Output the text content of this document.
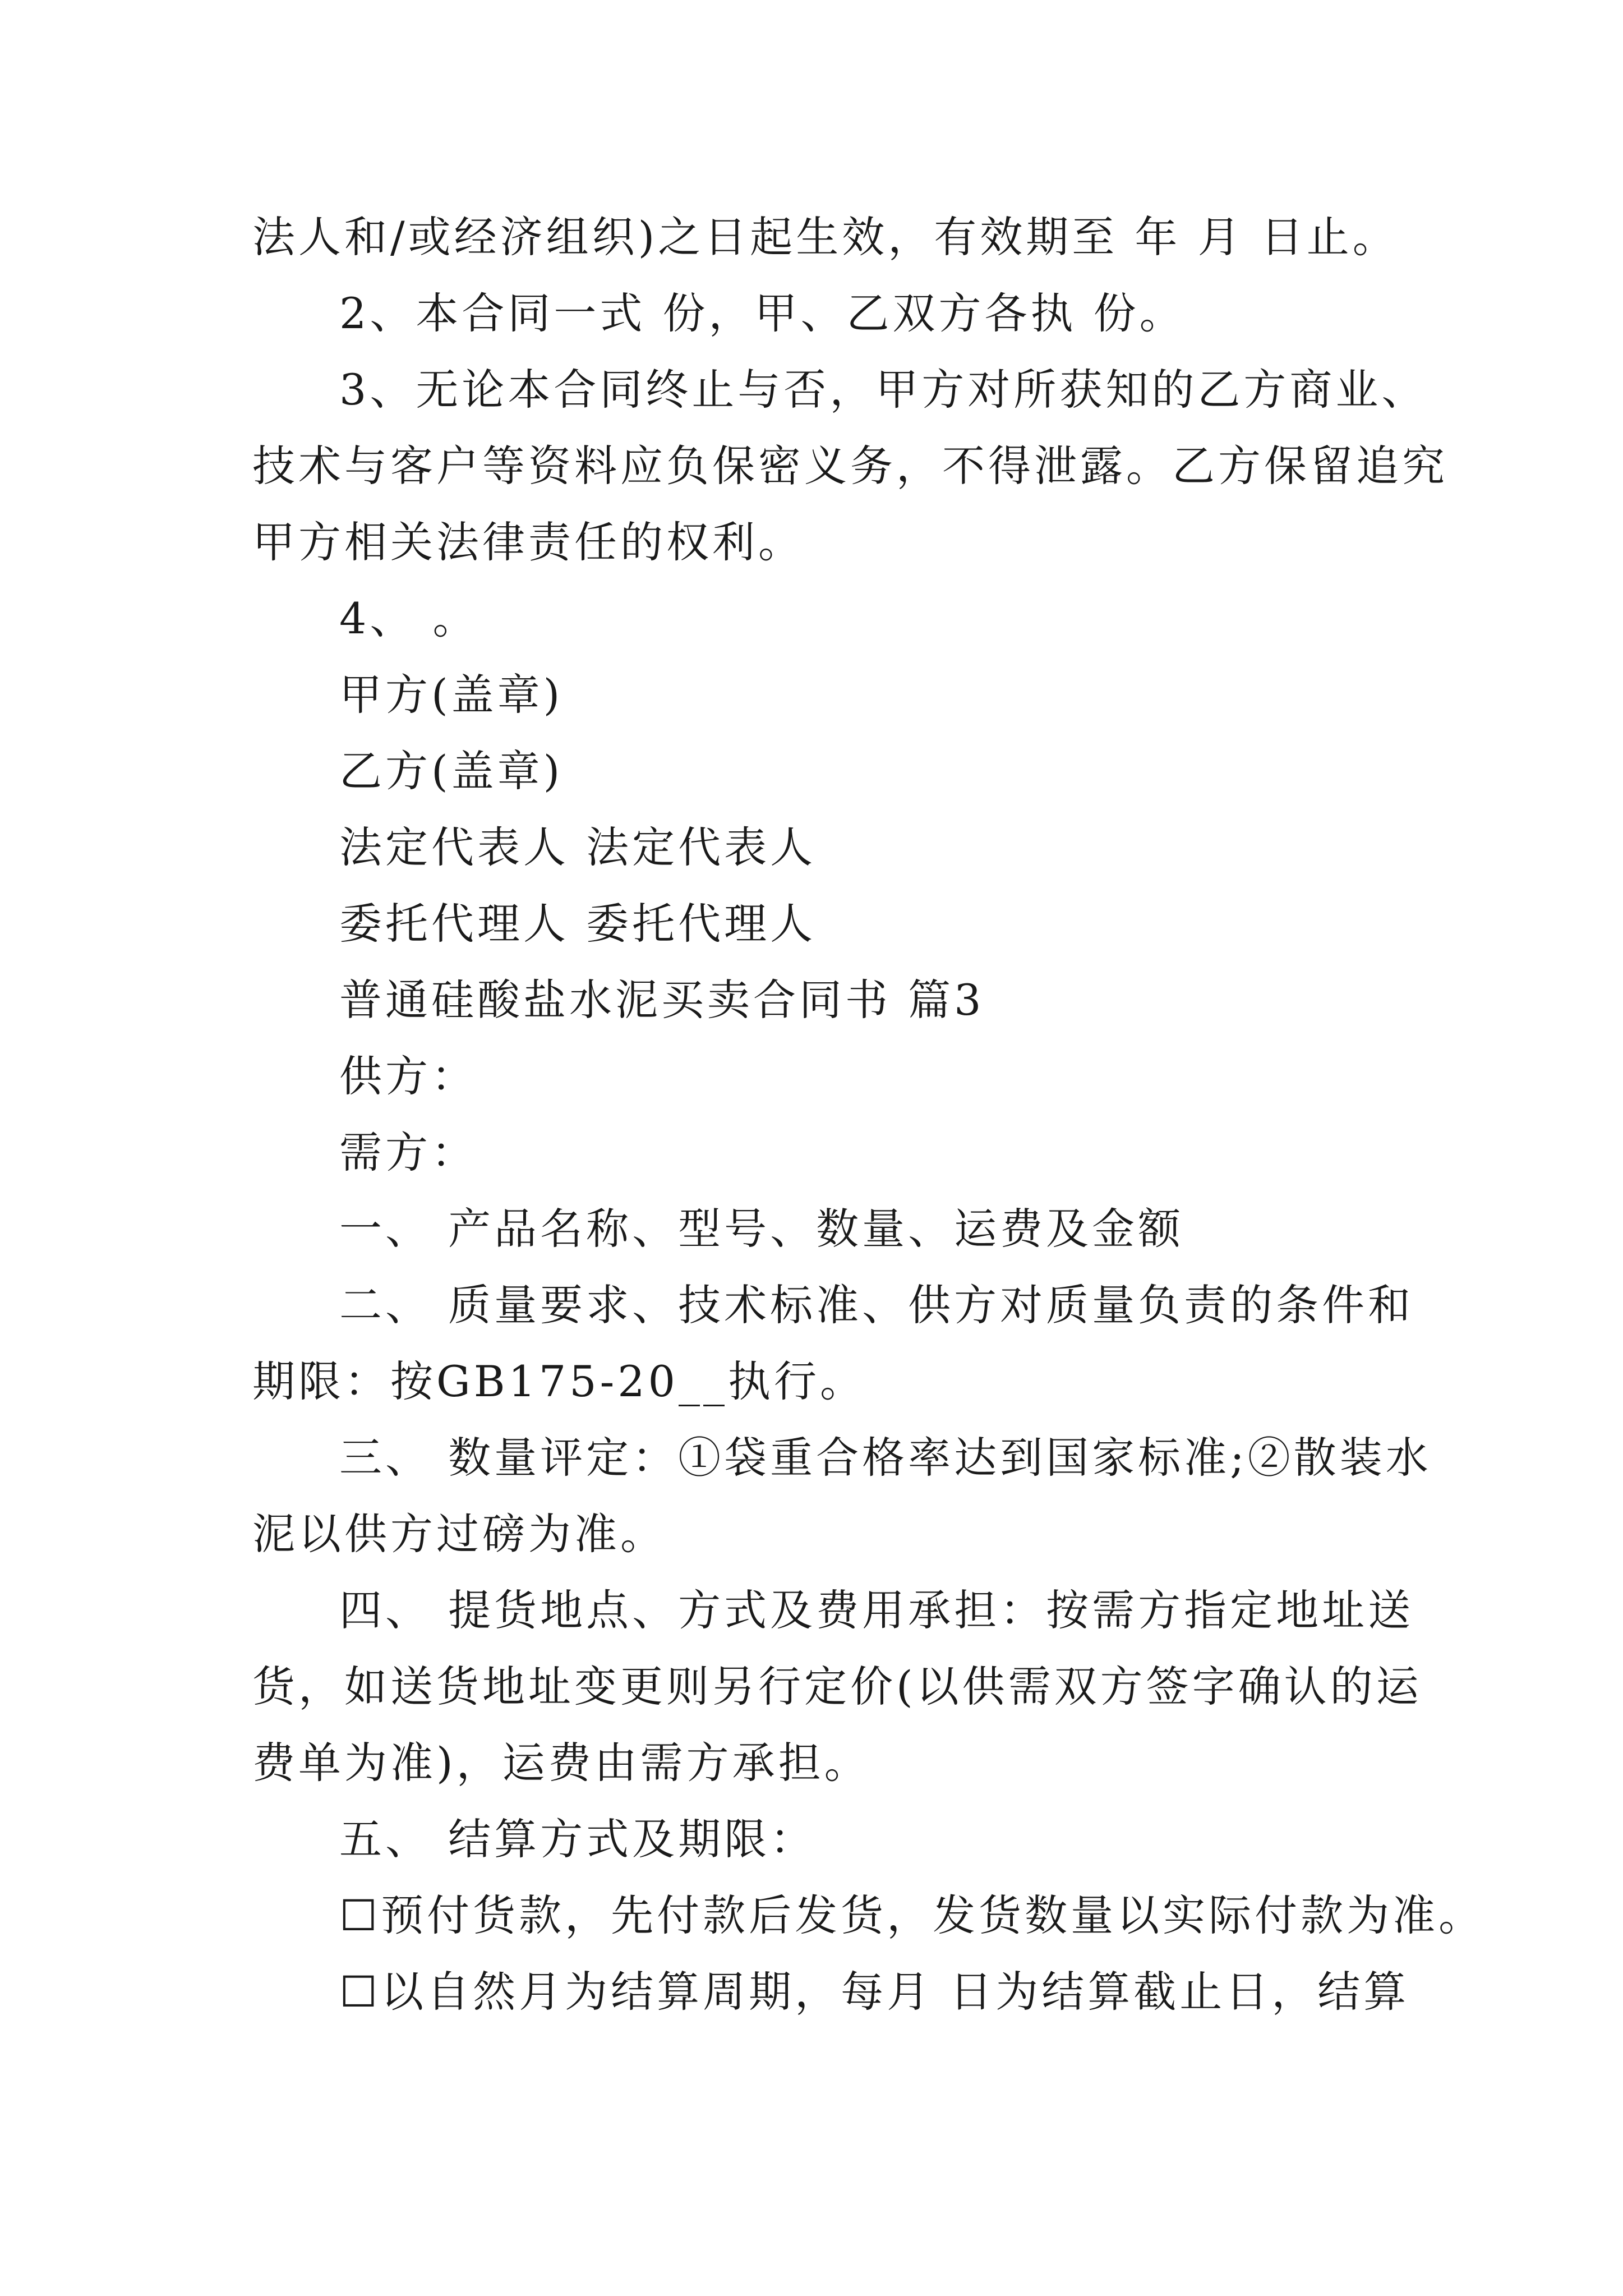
法人和/或经济组织)之日起生效，有效期至 年 月 日止。
2、本合同一式 份，甲、乙双方各执 份。
3、无论本合同终止与否，甲方对所获知的乙方商业、
技术与客户等资料应负保密义务，不得泄露。乙方保留追究
甲方相关法律责任的权利。
4、 。
甲方(盖章)
乙方(盖章)
法定代表人 法定代表人
委托代理人 委托代理人
普通硅酸盐水泥买卖合同书 篇3
供方：
需方：
一、 产品名称、型号、数量、运费及金额
二、 质量要求、技术标准、供方对质量负责的条件和
期限：按GB175-20__执行。
三、 数量评定：①袋重合格率达到国家标准;②散装水
泥以供方过磅为准。
四、 提货地点、方式及费用承担：按需方指定地址送
货，如送货地址变更则另行定价(以供需双方签字确认的运
费单为准)，运费由需方承担。
五、 结算方式及期限：
☐预付货款，先付款后发货，发货数量以实际付款为准。
☐以自然月为结算周期，每月 日为结算截止日，结算
